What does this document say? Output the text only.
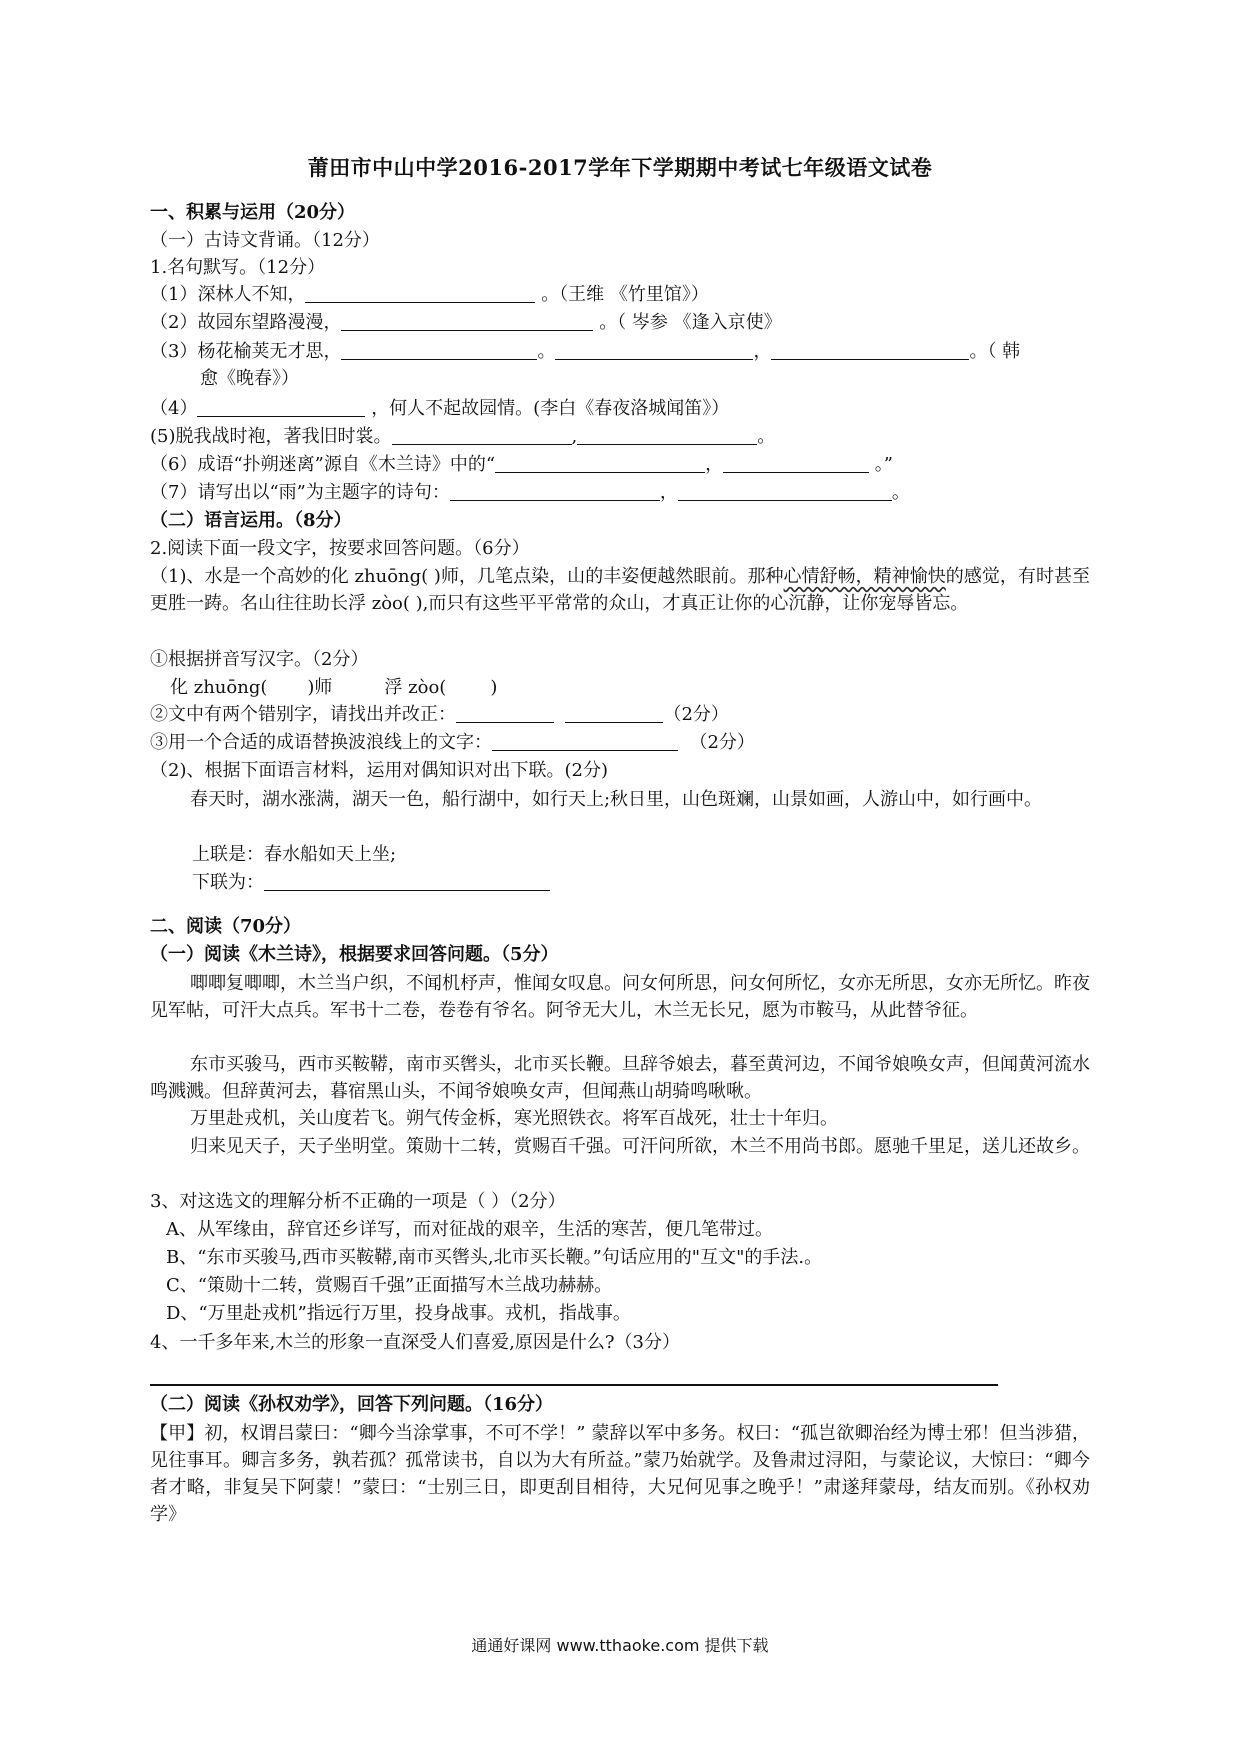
莆田市中山中学2016-2017学年下学期期中考试七年级语文试卷
一、积累与运用（20分）
（一）古诗文背诵。（12分）
1.名句默写。（12分）
（1）深林人不知，	。（王维 《竹里馆》）
（2）故园东望路漫漫，	。（ 岑参 《逢入京使》
（3）杨花榆荚无才思，	。	，	。（ 韩
愈《晚春》）
（4）	，何人不起故园情。(李白《春夜洛城闻笛》）
(5)脱我战时袍，著我旧时裳。	,	。
（6）成语“扑朔迷离”源自《木兰诗》中的“	，	。”
（7）请写出以“雨”为主题字的诗句：	，	。
（二）语言运用。（8分）
2.阅读下面一段文字，按要求回答问题。（6分）
（1)、水是一个高妙的化 zhuōng( )师，几笔点染，山的丰姿便越然眼前。那种心情舒畅，精神愉快的感觉，有时甚至更胜一踌。名山往往助长浮 zòo( ),而只有这些平平常常的众山，才真正让你的心沉静，让你宠辱皆忘。
①根据拼音写汉字。（2分）
化 zhuōng( )师	浮 zòo( )
②文中有两个错别字，请找出并改正：	（2分）
③用一个合适的成语替换波浪线上的文字：	（2分）
（2)、根据下面语言材料，运用对偶知识对出下联。(2分)
春天时，湖水涨满，湖天一色，船行湖中，如行天上;秋日里，山色斑斓，山景如画，人游山中，如行画中。
上联是：春水船如天上坐;
下联为：
二、阅读（70分）
（一）阅读《木兰诗》，根据要求回答问题。（5分）
唧唧复唧唧，木兰当户织，不闻机杼声，惟闻女叹息。问女何所思，问女何所忆，女亦无所思，女亦无所忆。昨夜见军帖，可汗大点兵。军书十二卷，卷卷有爷名。阿爷无大儿，木兰无长兄，愿为市鞍马，从此替爷征。
东市买骏马，西市买鞍鞯，南市买辔头，北市买长鞭。旦辞爷娘去，暮至黄河边，不闻爷娘唤女声，但闻黄河流水鸣溅溅。但辞黄河去，暮宿黑山头，不闻爷娘唤女声，但闻燕山胡骑鸣啾啾。
万里赴戎机，关山度若飞。朔气传金柝，寒光照铁衣。将军百战死，壮士十年归。
归来见天子，天子坐明堂。策勋十二转，赏赐百千强。可汗问所欲，木兰不用尚书郎。愿驰千里足，送儿还故乡。
3、对这选文的理解分析不正确的一项是（ ）（2分）
A、从军缘由，辞官还乡详写，而对征战的艰辛，生活的寒苦，便几笔带过。
B、“东市买骏马,西市买鞍鞯,南市买辔头,北市买长鞭。”句话应用的"互文"的手法.。
C、“策勋十二转，赏赐百千强”正面描写木兰战功赫赫。
D、“万里赴戎机”指远行万里，投身战事。戎机，指战事。
4、一千多年来,木兰的形象一直深受人们喜爱,原因是什么?（3分）
（二）阅读《孙权劝学》，回答下列问题。（16分）
【甲】初，权谓吕蒙曰：“卿今当涂掌事，不可不学！” 蒙辞以军中多务。权曰：“孤岂欲卿治经为博士邪！但当涉猎，见往事耳。卿言多务，孰若孤？孤常读书，自以为大有所益。”蒙乃始就学。及鲁肃过浔阳，与蒙论议，大惊曰：“卿今者才略，非复吴下阿蒙！”蒙曰：“士别三日，即更刮目相待，大兄何见事之晚乎！”肃遂拜蒙母，结友而别。《孙权劝学》
通通好课网 www.tthaoke.com 提供下载
